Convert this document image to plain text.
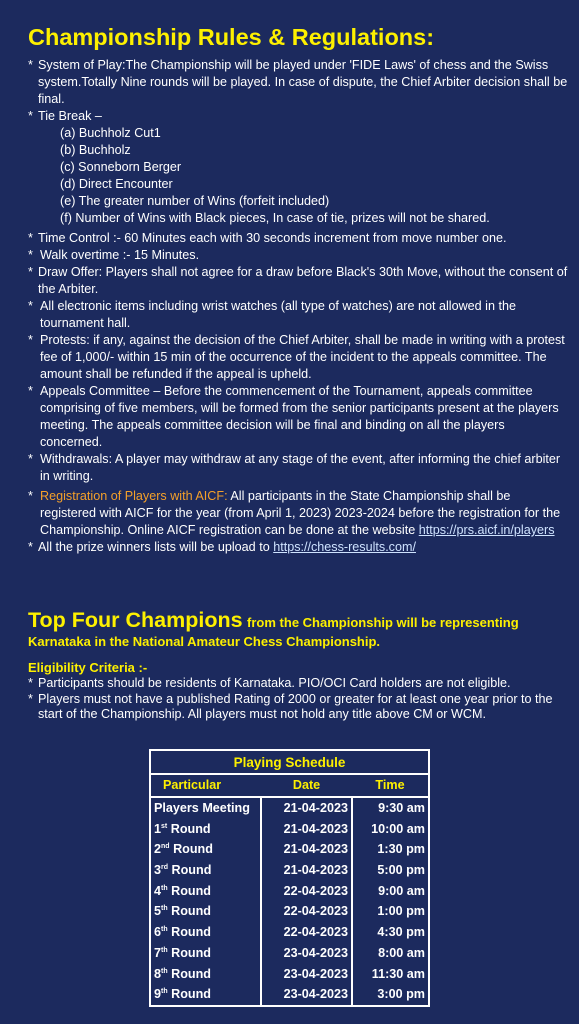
Championship Rules & Regulations:
* System of Play:The Championship will be played under 'FIDE Laws' of chess and the Swiss system.Totally Nine rounds will be played. In case of dispute, the Chief Arbiter decision shall be final.
* Tie Break –
(a) Buchholz Cut1
(b) Buchholz
(c) Sonneborn Berger
(d) Direct Encounter
(e) The greater number of Wins (forfeit included)
(f) Number of Wins with Black pieces, In case of tie, prizes will not be shared.
* Time Control :- 60 Minutes each with 30 seconds increment from move number one.
* Walk overtime :- 15 Minutes.
* Draw Offer: Players shall not agree for a draw before Black's 30th Move, without the consent of the Arbiter.
* All electronic items including wrist watches (all type of watches) are not allowed in the tournament hall.
* Protests: if any, against the decision of the Chief Arbiter, shall be made in writing with a protest fee of 1,000/- within 15 min of the occurrence of the incident to the appeals committee. The amount shall be refunded if the appeal is upheld.
* Appeals Committee – Before the commencement of the Tournament, appeals committee comprising of five members, will be formed from the senior participants present at the players meeting. The appeals committee decision will be final and binding on all the players concerned.
* Withdrawals: A player may withdraw at any stage of the event, after informing the chief arbiter in writing.
* Registration of Players with AICF: All participants in the State Championship shall be registered with AICF for the year (from April 1, 2023) 2023-2024 before the registration for the Championship. Online AICF registration can be done at the website https://prs.aicf.in/players
* All the prize winners lists will be upload to https://chess-results.com/
Top Four Champions from the Championship will be representing
Karnataka in the National Amateur Chess Championship.
Eligibility Criteria :-
* Participants should be residents of Karnataka. PIO/OCI Card holders are not eligible.
* Players must not have a published Rating of 2000 or greater for at least one year prior to the start of the Championship. All players must not hold any title above CM or WCM.
Playing Schedule		
Particular	Date	Time
Players Meeting	21-04-2023	9:30 am
1st Round	21-04-2023	10:00 am
2nd Round	21-04-2023	1:30 pm
3rd Round	21-04-2023	5:00 pm
4th Round	22-04-2023	9:00 am
5th Round	22-04-2023	1:00 pm
6th Round	22-04-2023	4:30 pm
7th Round	23-04-2023	8:00 am
8th Round	23-04-2023	11:30 am
9th Round	23-04-2023	3:00 pm
